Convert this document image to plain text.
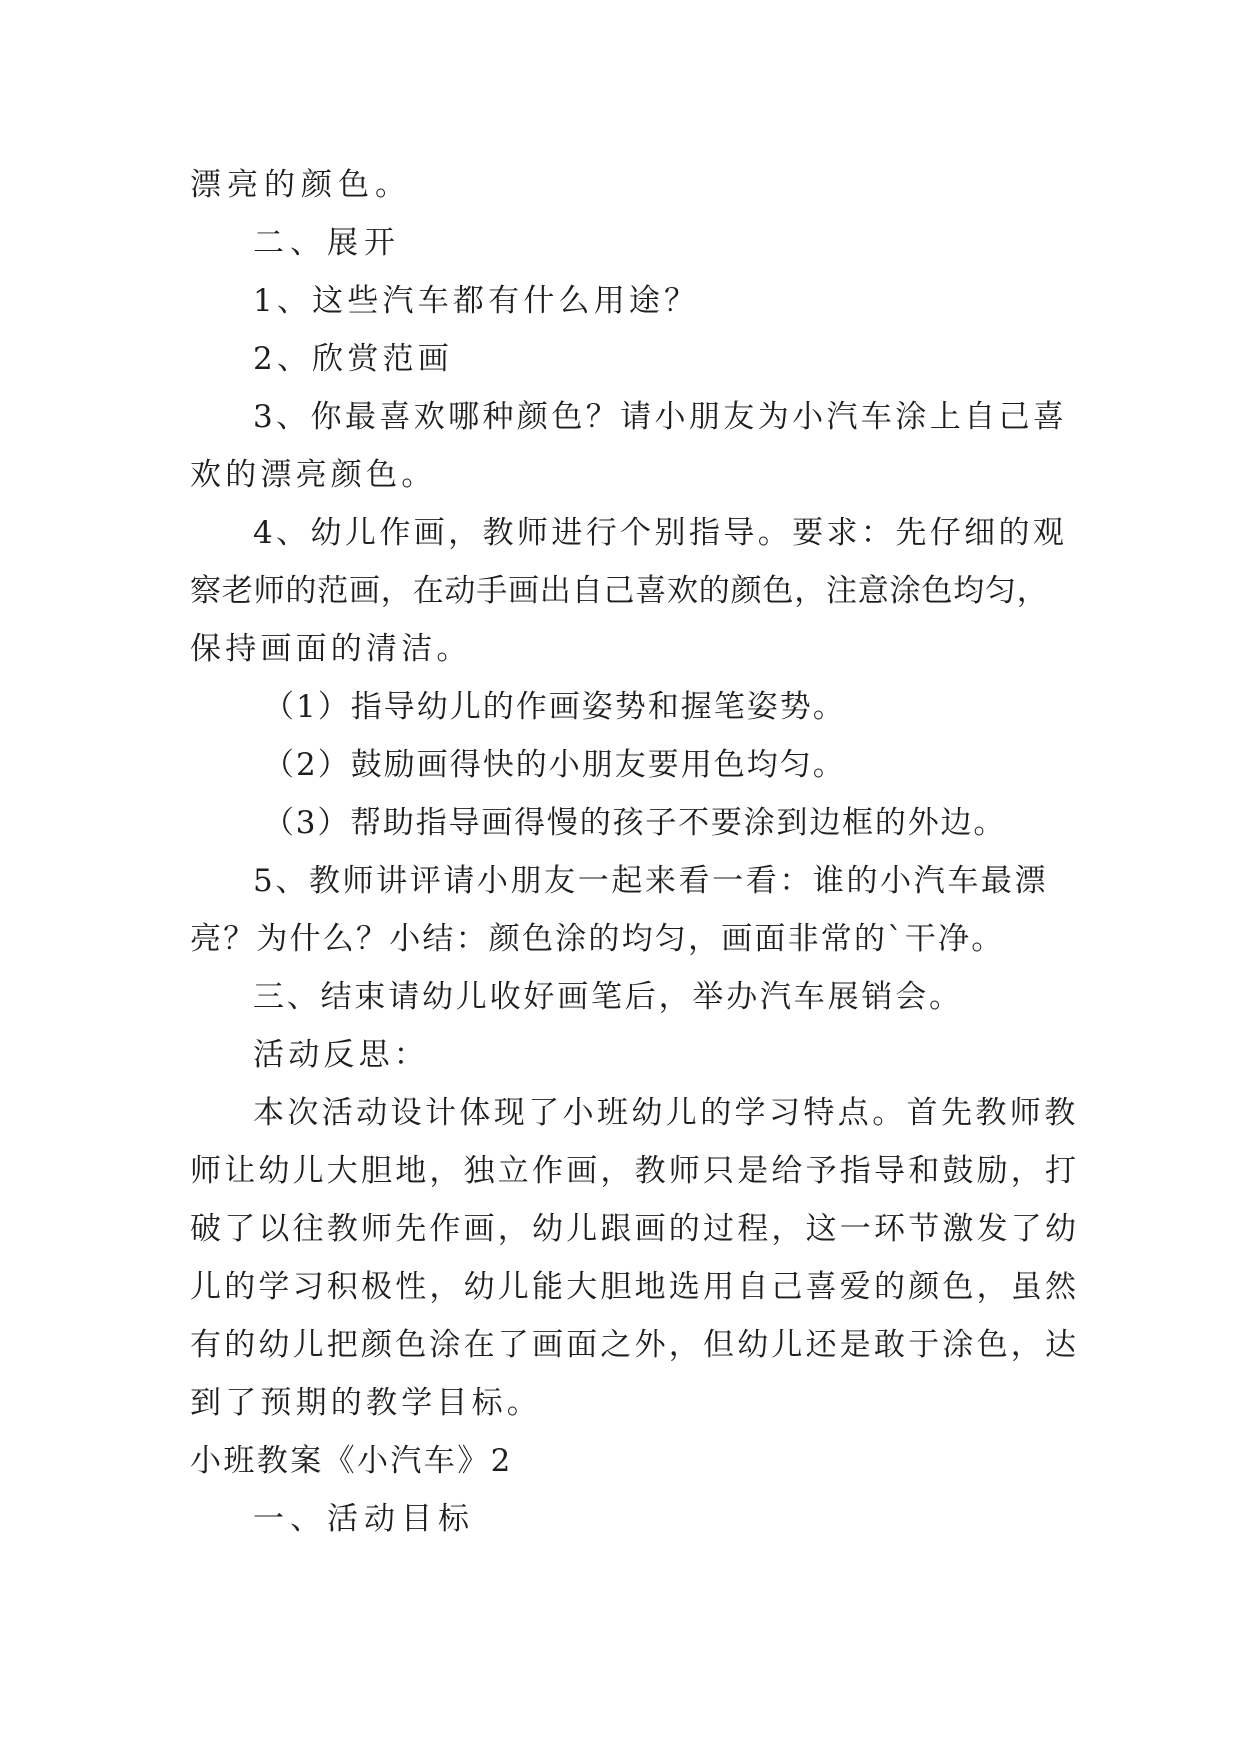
漂亮的颜色。
二、展开
1、这些汽车都有什么用途？
2、欣赏范画
3、你最喜欢哪种颜色？请小朋友为小汽车涂上自己喜
欢的漂亮颜色。
4、幼儿作画，教师进行个别指导。要求：先仔细的观
察老师的范画，在动手画出自己喜欢的颜色，注意涂色均匀，
保持画面的清洁。
（1）指导幼儿的作画姿势和握笔姿势。
（2）鼓励画得快的小朋友要用色均匀。
（3）帮助指导画得慢的孩子不要涂到边框的外边。
5、教师讲评请小朋友一起来看一看：谁的小汽车最漂
亮？为什么？小结：颜色涂的均匀，画面非常的`干净。
三、结束请幼儿收好画笔后，举办汽车展销会。
活动反思：
本次活动设计体现了小班幼儿的学习特点。首先教师教
师让幼儿大胆地，独立作画，教师只是给予指导和鼓励，打
破了以往教师先作画，幼儿跟画的过程，这一环节激发了幼
儿的学习积极性，幼儿能大胆地选用自己喜爱的颜色，虽然
有的幼儿把颜色涂在了画面之外，但幼儿还是敢于涂色，达
到了预期的教学目标。
小班教案《小汽车》2
一、活动目标
